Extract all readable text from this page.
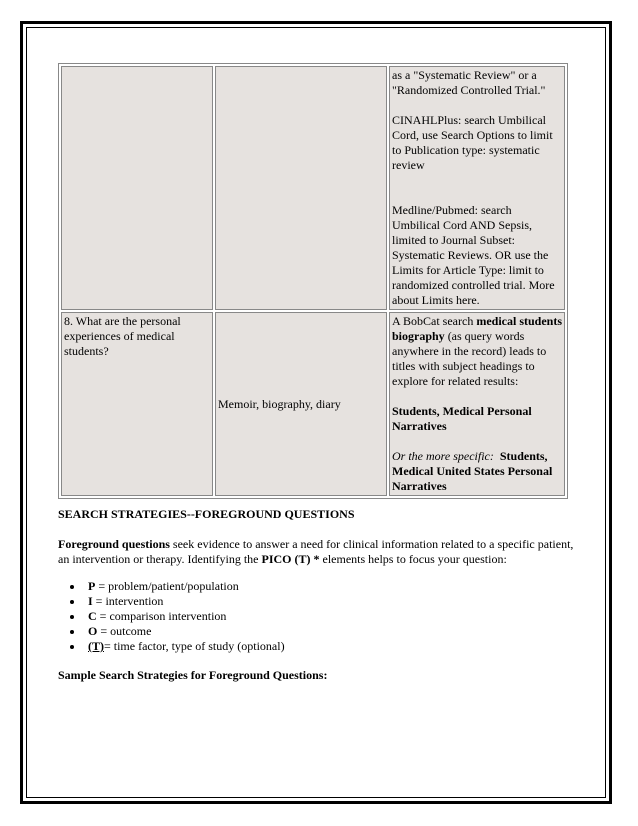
		as a "Systematic Review" or a "Randomized Controlled Trial."
CINAHLPlus: search Umbilical Cord, use Search Options to limit to Publication type: systematic review
Medline/Pubmed: search Umbilical Cord AND Sepsis, limited to Journal Subset: Systematic Reviews. OR use the Limits for Article Type: limit to randomized controlled trial. More about Limits here.

8. What are the personal experiences of medical students?	Memoir, biography, diary	A BobCat search medical students biography (as query words anywhere in the record) leads to titles with subject headings to explore for related results:
Students, Medical Personal Narratives
Or the more specific: Students, Medical United States Personal Narratives
SEARCH STRATEGIES--FOREGROUND QUESTIONS

Foreground questions seek evidence to answer a need for clinical information related to a specific patient, an intervention or therapy. Identifying the PICO (T) * elements helps to focus your question:

• P = problem/patient/population
• I = intervention
• C = comparison intervention
• O = outcome
• (T)= time factor, type of study (optional)
Sample Search Strategies for Foreground Questions:
